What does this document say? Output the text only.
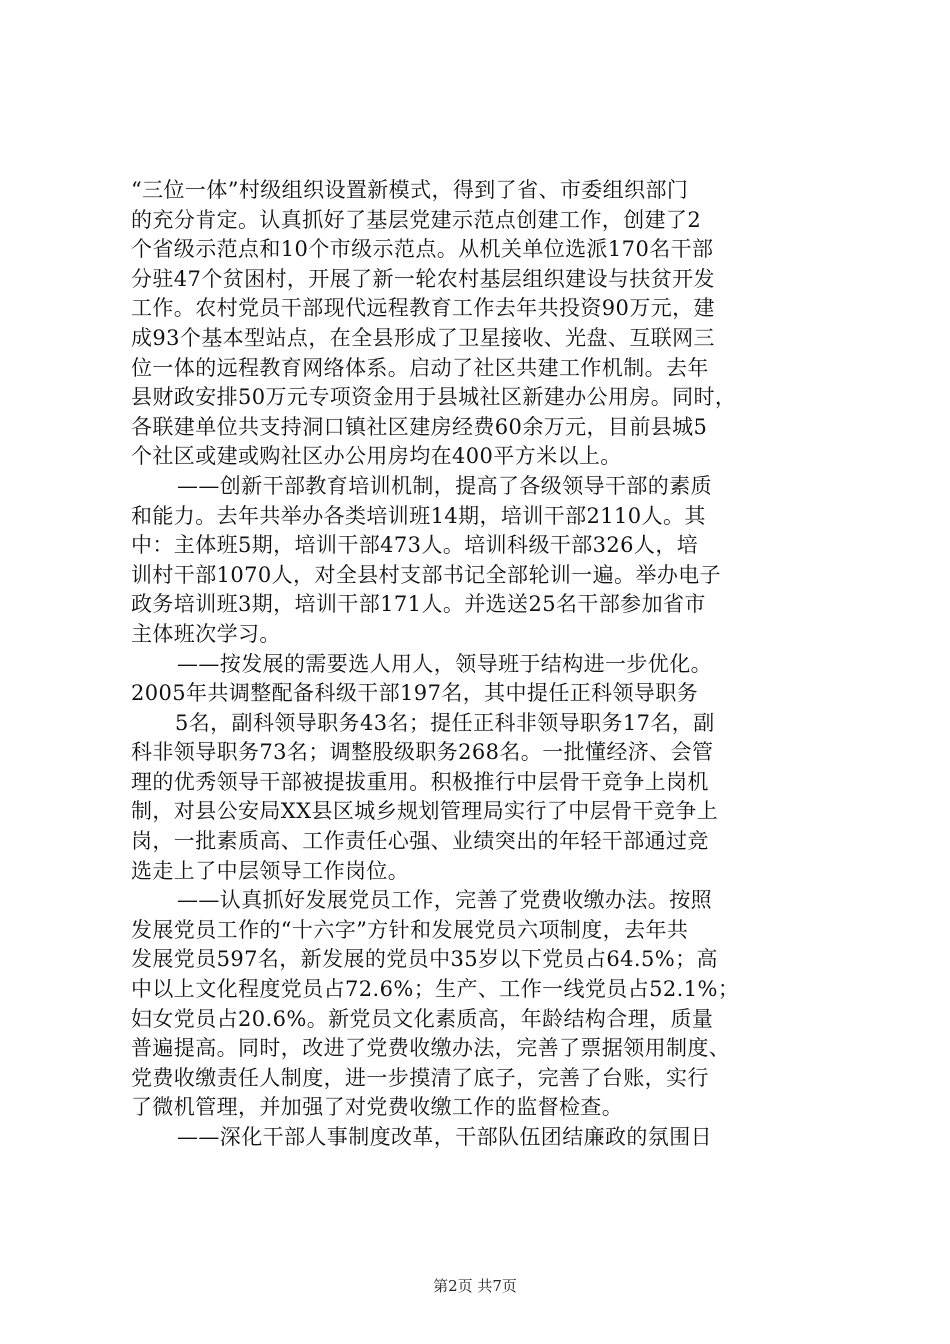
“三位一体”村级组织设置新模式，得到了省、市委组织部门
的充分肯定。认真抓好了基层党建示范点创建工作，创建了2
个省级示范点和10个市级示范点。从机关单位选派170名干部
分驻47个贫困村，开展了新一轮农村基层组织建设与扶贫开发
工作。农村党员干部现代远程教育工作去年共投资90万元，建
成93个基本型站点，在全县形成了卫星接收、光盘、互联网三
位一体的远程教育网络体系。启动了社区共建工作机制。去年
县财政安排50万元专项资金用于县城社区新建办公用房。同时，
各联建单位共支持洞口镇社区建房经费60余万元，目前县城5
个社区或建或购社区办公用房均在400平方米以上。
——创新干部教育培训机制，提高了各级领导干部的素质
和能力。去年共举办各类培训班14期，培训干部2110人。其
中：主体班5期，培训干部473人。培训科级干部326人，培
训村干部1070人，对全县村支部书记全部轮训一遍。举办电子
政务培训班3期，培训干部171人。并选送25名干部参加省市
主体班次学习。
——按发展的需要选人用人，领导班于结构进一步优化。
2005年共调整配备科级干部197名，其中提任正科领导职务
5名，副科领导职务43名；提任正科非领导职务17名，副
科非领导职务73名；调整股级职务268名。一批懂经济、会管
理的优秀领导干部被提拔重用。积极推行中层骨干竞争上岗机
制，对县公安局XX县区城乡规划管理局实行了中层骨干竞争上
岗，一批素质高、工作责任心强、业绩突出的年轻干部通过竞
选走上了中层领导工作岗位。
——认真抓好发展党员工作，完善了党费收缴办法。按照
发展党员工作的“十六字”方针和发展党员六项制度，去年共
发展党员597名，新发展的党员中35岁以下党员占64.5%；高
中以上文化程度党员占72.6%；生产、工作一线党员占52.1%；
妇女党员占20.6%。新党员文化素质高，年龄结构合理，质量
普遍提高。同时，改进了党费收缴办法，完善了票据领用制度、
党费收缴责任人制度，进一步摸清了底子，完善了台账，实行
了微机管理，并加强了对党费收缴工作的监督检查。
——深化干部人事制度改革，干部队伍团结廉政的氛围日
第2页 共7页
